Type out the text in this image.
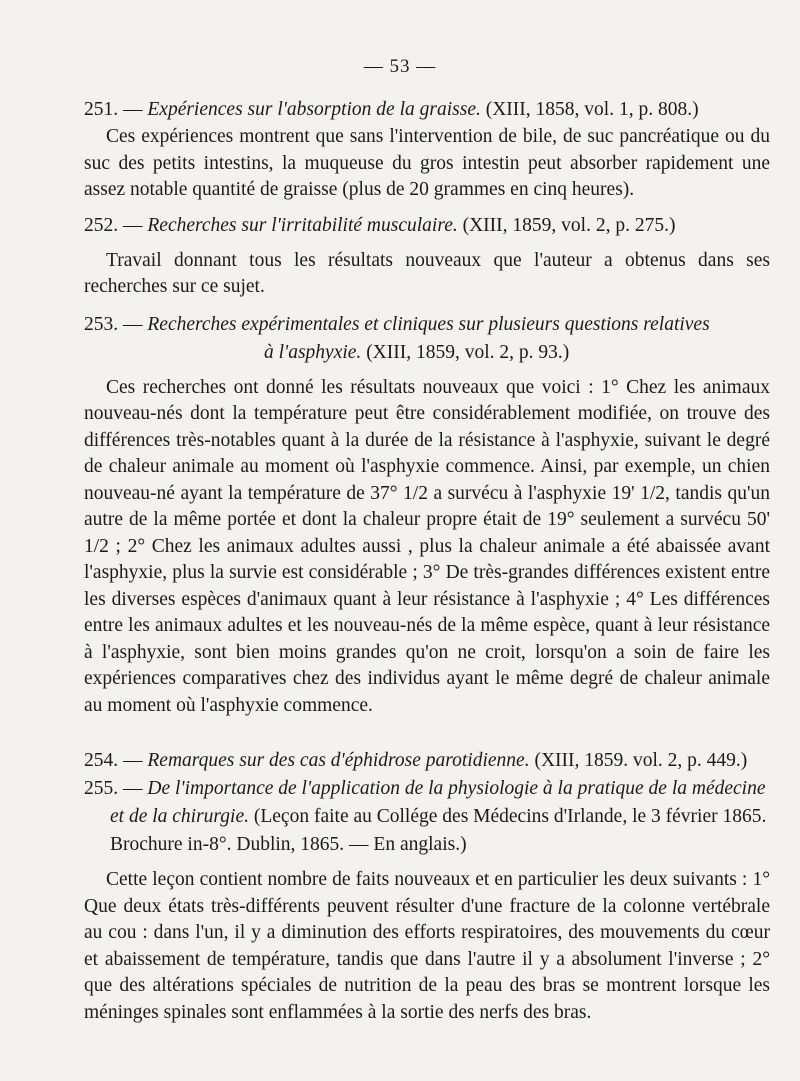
— 53 —

251. — Expériences sur l'absorption de la graisse. (XIII, 1858, vol. 1, p. 808.)

Ces expériences montrent que sans l'intervention de bile, de suc pancréatique ou du suc des petits intestins, la muqueuse du gros intestin peut absorber rapidement une assez notable quantité de graisse (plus de 20 grammes en cinq heures).

252. — Recherches sur l'irritabilité musculaire. (XIII, 1859, vol. 2, p. 275.)

Travail donnant tous les résultats nouveaux que l'auteur a obtenus dans ses recherches sur ce sujet.

253. — Recherches expérimentales et cliniques sur plusieurs questions relatives

à l'asphyxie. (XIII, 1859, vol. 2, p. 93.)

Ces recherches ont donné les résultats nouveaux que voici : 1° Chez les animaux nouveau-nés dont la température peut être considérablement modifiée, on trouve des différences très-notables quant à la durée de la résistance à l'asphyxie, suivant le degré de chaleur animale au moment où l'asphyxie commence. Ainsi, par exemple, un chien nouveau-né ayant la température de 37° 1/2 a survécu à l'asphyxie 19' 1/2, tandis qu'un autre de la même portée et dont la chaleur propre était de 19° seulement a survécu 50' 1/2 ; 2° Chez les animaux adultes aussi , plus la chaleur animale a été abaissée avant l'asphyxie, plus la survie est considérable ; 3° De très-grandes différences existent entre les diverses espèces d'animaux quant à leur résistance à l'asphyxie ; 4° Les différences entre les animaux adultes et les nouveau-nés de la même espèce, quant à leur résistance à l'asphyxie, sont bien moins grandes qu'on ne croit, lorsqu'on a soin de faire les expériences comparatives chez des individus ayant le même degré de chaleur animale au moment où l'asphyxie commence.

254. — Remarques sur des cas d'éphidrose parotidienne. (XIII, 1859. vol. 2, p. 449.)

255. — De l'importance de l'application de la physiologie à la pratique de la médecine et de la chirurgie. (Leçon faite au Collége des Médecins d'Irlande, le 3 février 1865. Brochure in-8°. Dublin, 1865. — En anglais.)

Cette leçon contient nombre de faits nouveaux et en particulier les deux suivants : 1° Que deux états très-différents peuvent résulter d'une fracture de la colonne vertébrale au cou : dans l'un, il y a diminution des efforts respiratoires, des mouvements du cœur et abaissement de température, tandis que dans l'autre il y a absolument l'inverse ; 2° que des altérations spéciales de nutrition de la peau des bras se montrent lorsque les méninges spinales sont enflammées à la sortie des nerfs des bras.
